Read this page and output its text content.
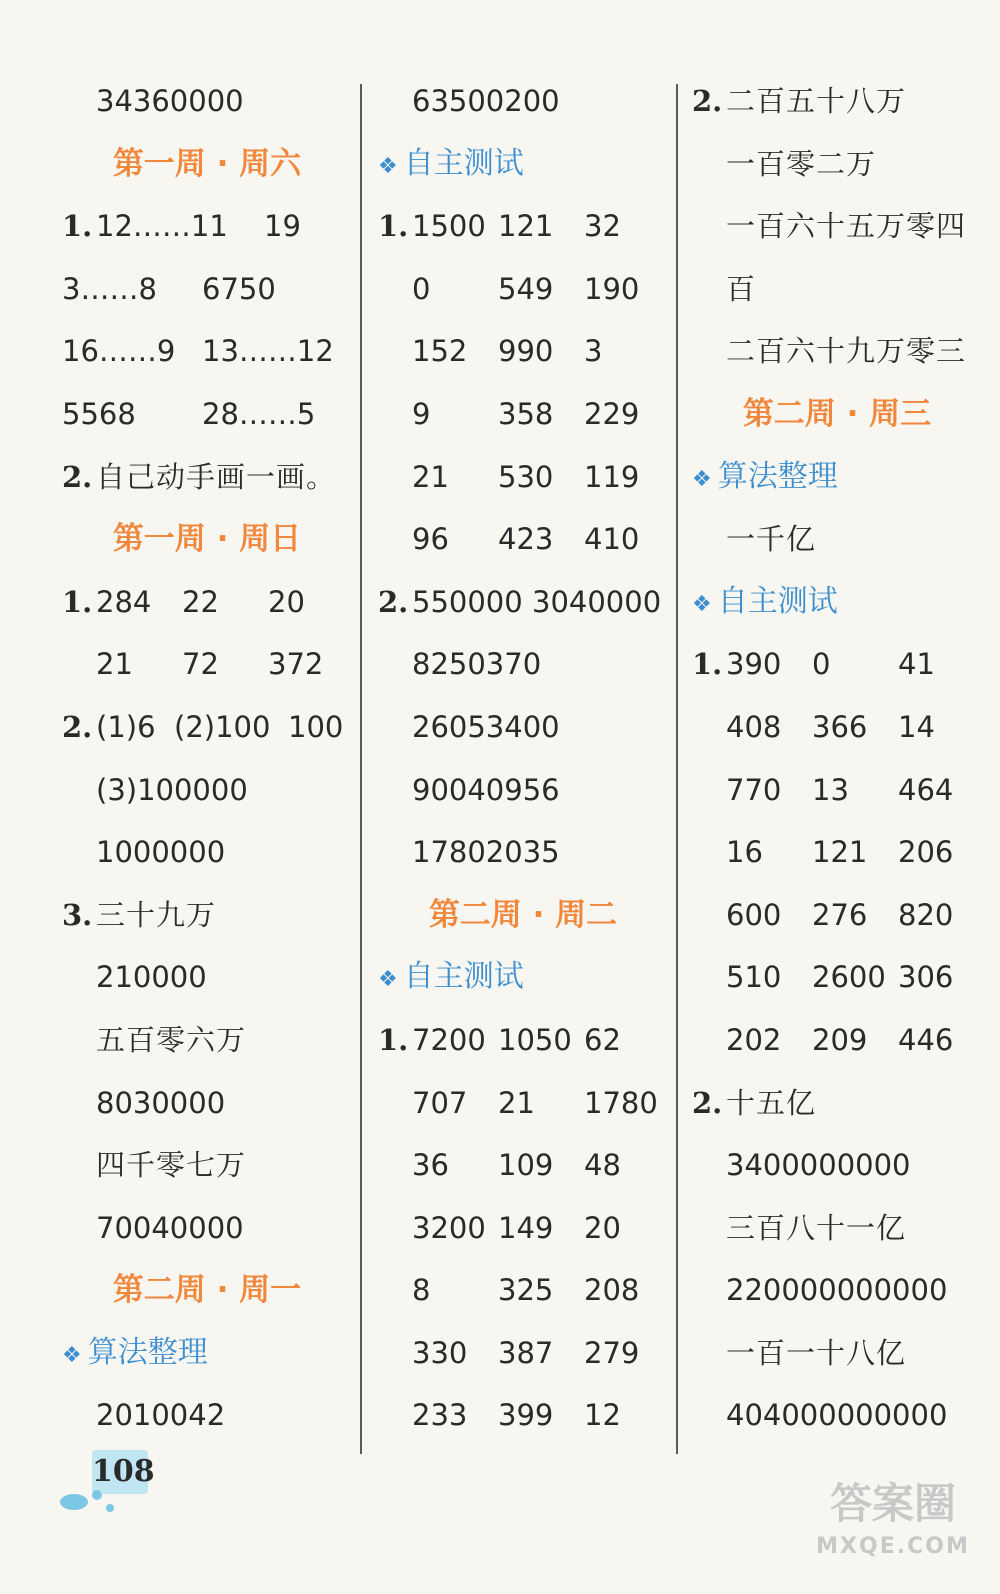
34360000
第一周 · 周六
1. 12……11 19
3……8 6750
16……9 13……12
5568 28……5
2. 自己动手画一画。
第一周 · 周日
1. 284 22 20
21 72 372
2. (1)6 (2)100 100
(3)100000
1000000
3. 三十九万
210000
五百零六万
8030000
四千零七万
70040000
第二周 · 周一
❖ 算法整理
2010042
63500200
❖ 自主测试
1. 1500 121 32
0 549 190
152 990 3
9 358 229
21 530 119
96 423 410
2. 550000 3040000
8250370
26053400
90040956
17802035
第二周 · 周二
❖ 自主测试
1. 7200 1050 62
707 21 1780
36 109 48
3200 149 20
8 325 208
330 387 279
233 399 12
2. 二百五十八万
一百零二万
一百六十五万零四
百
二百六十九万零三
第二周 · 周三
❖ 算法整理
一千亿
❖ 自主测试
1. 390 0 41
408 366 14
770 13 464
16 121 206
600 276 820
510 2600 306
202 209 446
2. 十五亿
3400000000
三百八十一亿
220000000000
一百一十八亿
404000000000
108
答案圈
MXQE.COM
